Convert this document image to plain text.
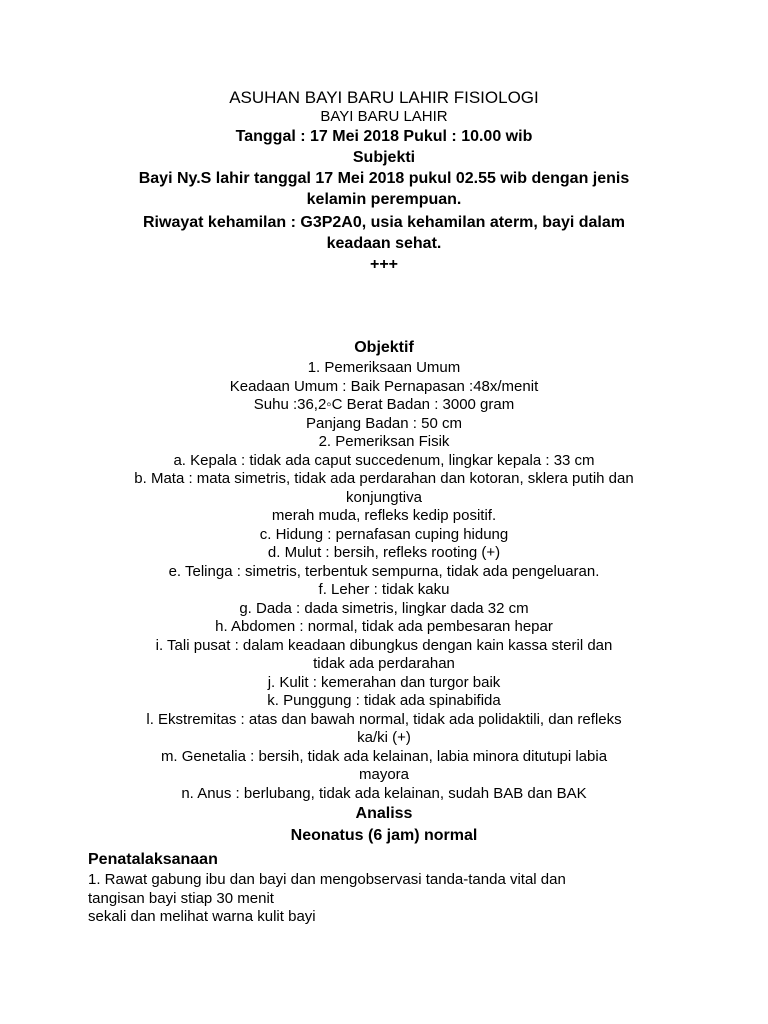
ASUHAN BAYI BARU LAHIR FISIOLOGI

BAYI BARU LAHIR

Tanggal : 17 Mei 2018 Pukul : 10.00 wib

Subjekti

Bayi Ny.S lahir tanggal 17 Mei 2018 pukul 02.55 wib dengan jenis

kelamin perempuan.

Riwayat kehamilan : G3P2A0, usia kehamilan aterm, bayi dalam

keadaan sehat.

+++

Objektif

1. Pemeriksaan Umum

Keadaan Umum : Baik Pernapasan :48x/menit

Suhu :36,2◦C Berat Badan : 3000 gram

Panjang Badan : 50 cm

2. Pemeriksan Fisik

a. Kepala : tidak ada caput succedenum, lingkar kepala : 33 cm

b. Mata : mata simetris, tidak ada perdarahan dan kotoran, sklera putih dan

konjungtiva

merah muda, refleks kedip positif.

c. Hidung : pernafasan cuping hidung

d. Mulut : bersih, refleks rooting (+)

e. Telinga : simetris, terbentuk sempurna, tidak ada pengeluaran.

f. Leher : tidak kaku

g. Dada : dada simetris, lingkar dada 32 cm

h. Abdomen : normal, tidak ada pembesaran hepar

i. Tali pusat : dalam keadaan dibungkus dengan kain kassa steril dan

tidak ada perdarahan

j. Kulit : kemerahan dan turgor baik

k. Punggung : tidak ada spinabifida

l. Ekstremitas : atas dan bawah normal, tidak ada polidaktili, dan refleks

ka/ki (+)

m. Genetalia : bersih, tidak ada kelainan, labia minora ditutupi labia

mayora

n. Anus : berlubang, tidak ada kelainan, sudah BAB dan BAK

Analiss

Neonatus (6 jam) normal

Penatalaksanaan

1. Rawat gabung ibu dan bayi dan mengobservasi tanda-tanda vital dan

tangisan bayi stiap 30 menit

sekali dan melihat warna kulit bayi
